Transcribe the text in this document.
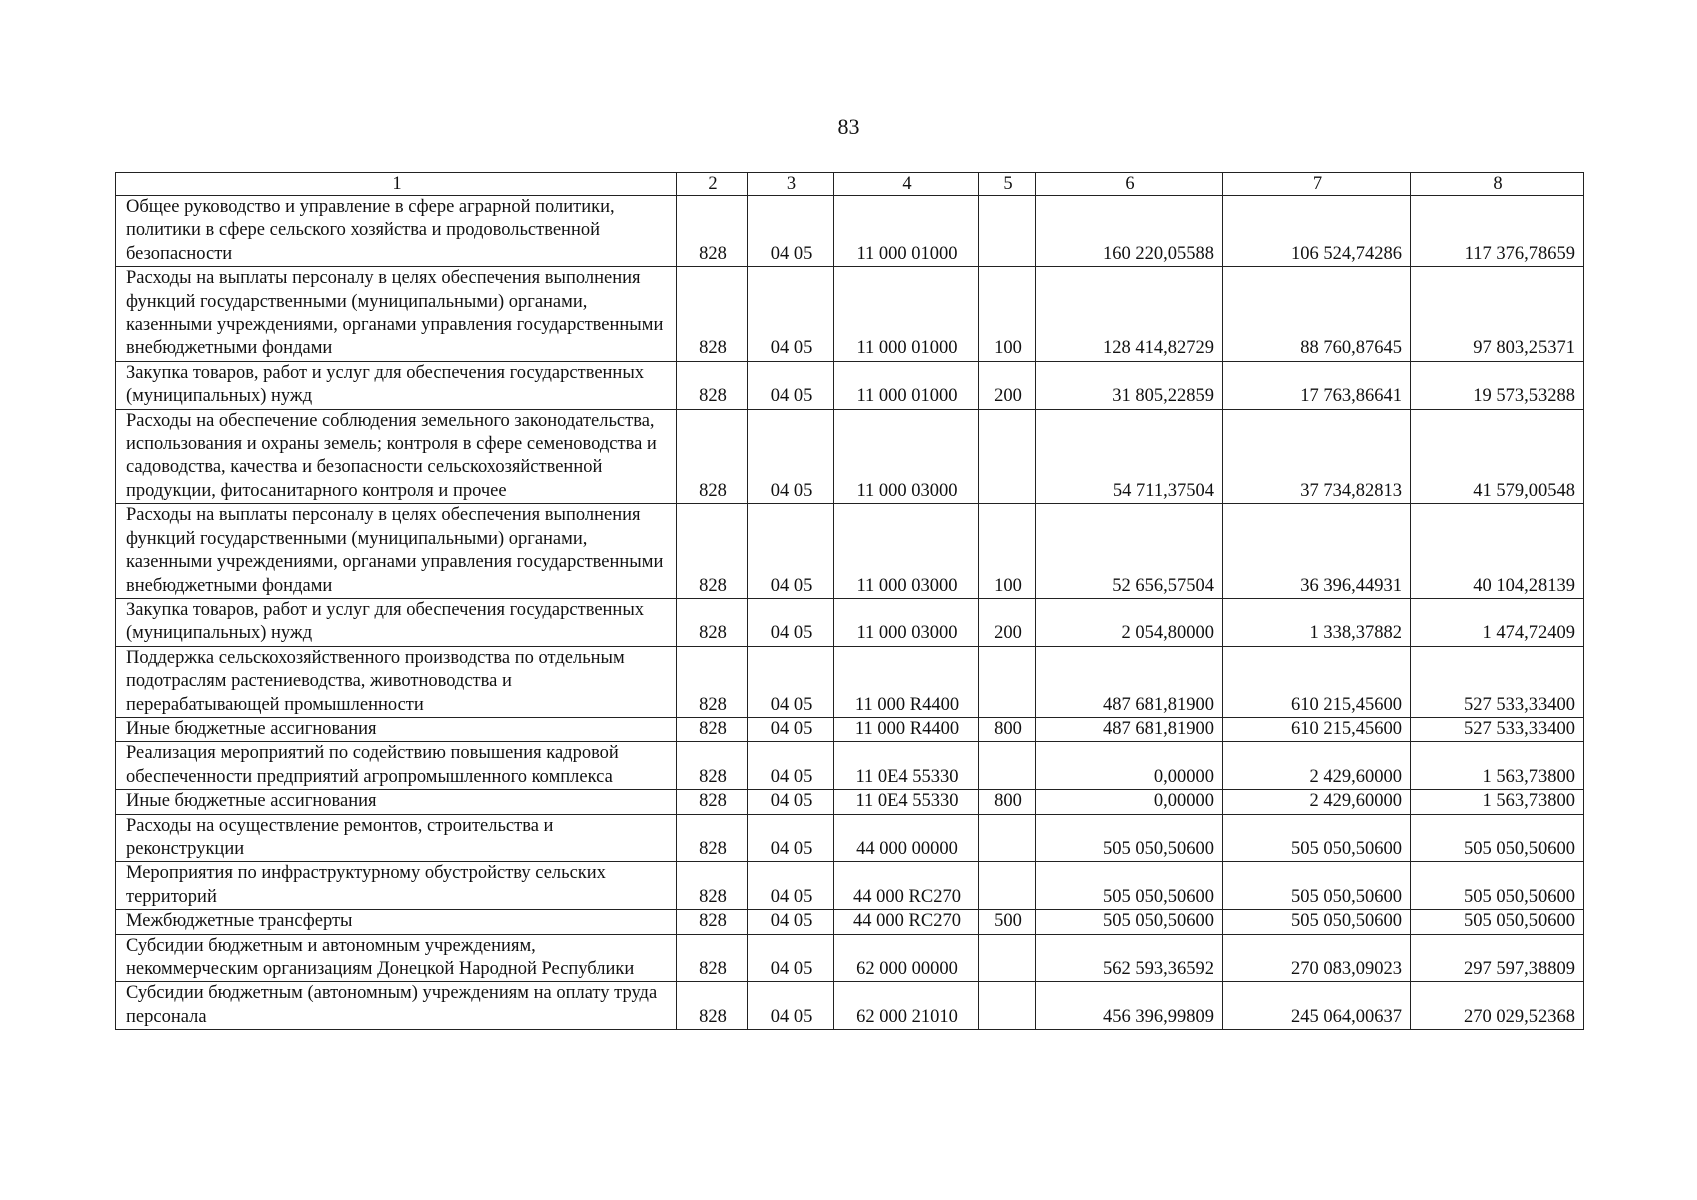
83
1	2	3	4	5	6	7	8
Общее руководство и управление в сфере аграрной политики, политики в сфере сельского хозяйства и продовольственной безопасности	828	04 05	11 000 01000		160 220,05588	106 524,74286	117 376,78659
Расходы на выплаты персоналу в целях обеспечения выполнения функций государственными (муниципальными) органами, казенными учреждениями, органами управления государственными внебюджетными фондами	828	04 05	11 000 01000	100	128 414,82729	88 760,87645	97 803,25371
Закупка товаров, работ и услуг для обеспечения государственных (муниципальных) нужд	828	04 05	11 000 01000	200	31 805,22859	17 763,86641	19 573,53288
Расходы на обеспечение соблюдения земельного законодательства, использования и охраны земель; контроля в сфере семеноводства и садоводства, качества и безопасности сельскохозяйственной продукции, фитосанитарного контроля и прочее	828	04 05	11 000 03000		54 711,37504	37 734,82813	41 579,00548
Расходы на выплаты персоналу в целях обеспечения выполнения функций государственными (муниципальными) органами, казенными учреждениями, органами управления государственными внебюджетными фондами	828	04 05	11 000 03000	100	52 656,57504	36 396,44931	40 104,28139
Закупка товаров, работ и услуг для обеспечения государственных (муниципальных) нужд	828	04 05	11 000 03000	200	2 054,80000	1 338,37882	1 474,72409
Поддержка сельскохозяйственного производства по отдельным подотраслям растениеводства, животноводства и перерабатывающей промышленности	828	04 05	11 000 R4400		487 681,81900	610 215,45600	527 533,33400
Иные бюджетные ассигнования	828	04 05	11 000 R4400	800	487 681,81900	610 215,45600	527 533,33400
Реализация мероприятий по содействию повышения кадровой обеспеченности предприятий агропромышленного комплекса	828	04 05	11 0E4 55330		0,00000	2 429,60000	1 563,73800
Иные бюджетные ассигнования	828	04 05	11 0E4 55330	800	0,00000	2 429,60000	1 563,73800
Расходы на осуществление ремонтов, строительства и реконструкции	828	04 05	44 000 00000		505 050,50600	505 050,50600	505 050,50600
Мероприятия по инфраструктурному обустройству сельских территорий	828	04 05	44 000 RC270		505 050,50600	505 050,50600	505 050,50600
Межбюджетные трансферты	828	04 05	44 000 RC270	500	505 050,50600	505 050,50600	505 050,50600
Субсидии бюджетным и автономным учреждениям, некоммерческим организациям Донецкой Народной Республики	828	04 05	62 000 00000		562 593,36592	270 083,09023	297 597,38809
Субсидии бюджетным (автономным) учреждениям на оплату труда персонала	828	04 05	62 000 21010		456 396,99809	245 064,00637	270 029,52368
